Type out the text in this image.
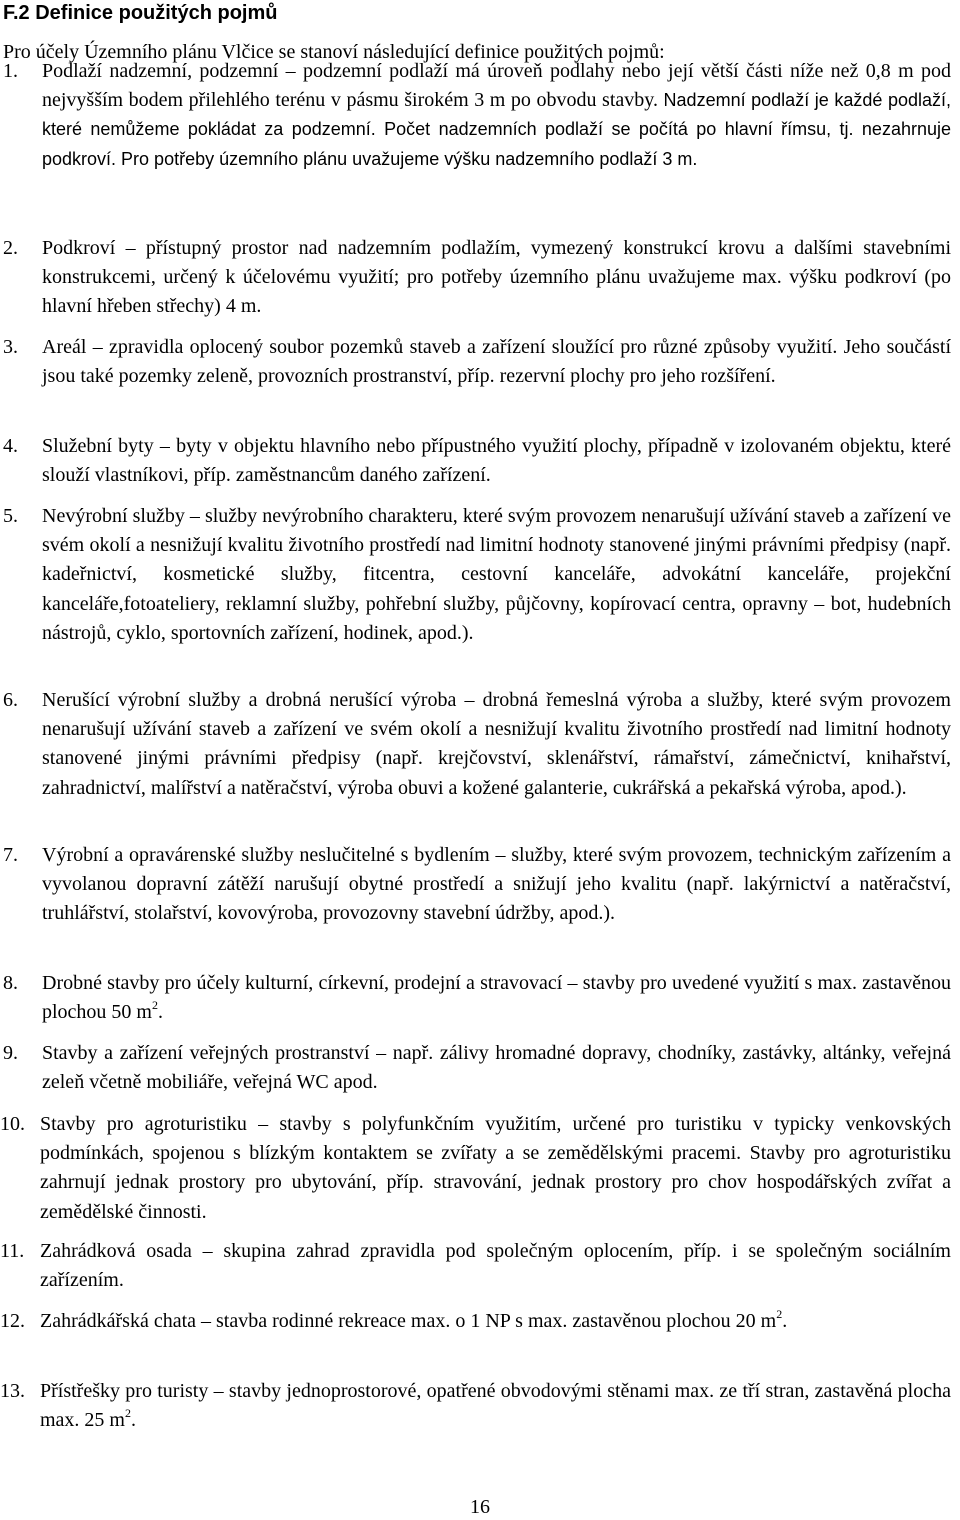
F.2 Definice použitých pojmů

Pro účely Územního plánu Vlčice se stanoví následující definice použitých pojmů:

1.	Podlaží nadzemní, podzemní – podzemní podlaží má úroveň podlahy nebo její větší části níže než 0,8 m pod nejvyšším bodem přilehlého terénu v pásmu širokém 3 m po obvodu stavby. Nadzemní podlaží je každé podlaží, které nemůžeme pokládat za podzemní. Počet nadzemních podlaží se počítá po hlavní římsu, tj. nezahrnuje podkroví. Pro potřeby územního plánu uvažujeme výšku nadzemního podlaží 3 m.
2.	Podkroví – přístupný prostor nad nadzemním podlažím, vymezený konstrukcí krovu a dalšími stavebními konstrukcemi, určený k účelovému využití; pro potřeby územního plánu uvažujeme max. výšku podkroví (po hlavní hřeben střechy) 4 m.
3.	Areál – zpravidla oplocený soubor pozemků staveb a zařízení sloužící pro různé způsoby využití. Jeho součástí jsou také pozemky zeleně, provozních prostranství, příp. rezervní plochy pro jeho rozšíření.
4.	Služební byty – byty v objektu hlavního nebo přípustného využití plochy, případně v izolovaném objektu, které slouží vlastníkovi, příp. zaměstnancům daného zařízení.
5.	Nevýrobní služby – služby nevýrobního charakteru, které svým provozem nenarušují užívání staveb a zařízení ve svém okolí a nesnižují kvalitu životního prostředí nad limitní hodnoty stanovené jinými právními předpisy (např. kadeřnictví, kosmetické služby, fitcentra, cestovní kanceláře, advokátní kanceláře, projekční kanceláře,fotoateliery, reklamní služby, pohřební služby, půjčovny, kopírovací centra, opravny – bot, hudebních nástrojů, cyklo, sportovních zařízení, hodinek, apod.).
6.	Nerušící výrobní služby a drobná nerušící výroba – drobná řemeslná výroba a služby, které svým provozem nenarušují užívání staveb a zařízení ve svém okolí a nesnižují kvalitu životního prostředí nad limitní hodnoty stanovené jinými právními předpisy (např. krejčovství, sklenářství, rámařství, zámečnictví, knihařství, zahradnictví, malířství a natěračství, výroba obuvi a kožené galanterie, cukrářská a pekařská výroba, apod.).
7.	Výrobní a opravárenské služby neslučitelné s bydlením – služby, které svým provozem, technickým zařízením a vyvolanou dopravní zátěží narušují obytné prostředí a snižují jeho kvalitu (např. lakýrnictví a natěračství, truhlářství, stolařství, kovovýroba, provozovny stavební údržby, apod.).
8.	Drobné stavby pro účely kulturní, církevní, prodejní a stravovací – stavby pro uvedené využití s max. zastavěnou plochou 50 $m^2$.
9.	Stavby a zařízení veřejných prostranství – např. zálivy hromadné dopravy, chodníky, zastávky, altánky, veřejná zeleň včetně mobiliáře, veřejná WC apod.
10. Stavby pro agroturistiku – stavby s polyfunkčním využitím, určené pro turistiku v typicky venkovských podmínkách, spojenou s blízkým kontaktem se zvířaty a se zemědělskými pracemi. Stavby pro agroturistiku zahrnují jednak prostory pro ubytování, příp. stravování, jednak prostory pro chov hospodářských zvířat a zemědělské činnosti.
11. Zahrádková osada – skupina zahrad zpravidla pod společným oplocením, příp. i se společným sociálním zařízením.
12. Zahrádkářská chata – stavba rodinné rekreace max. o 1 NP s max. zastavěnou plochou 20 $m^2$.
13. Přístřešky pro turisty – stavby jednoprostorové, opatřené obvodovými stěnami max. ze tří stran, zastavěná plocha max. 25 $m^2$.
16
